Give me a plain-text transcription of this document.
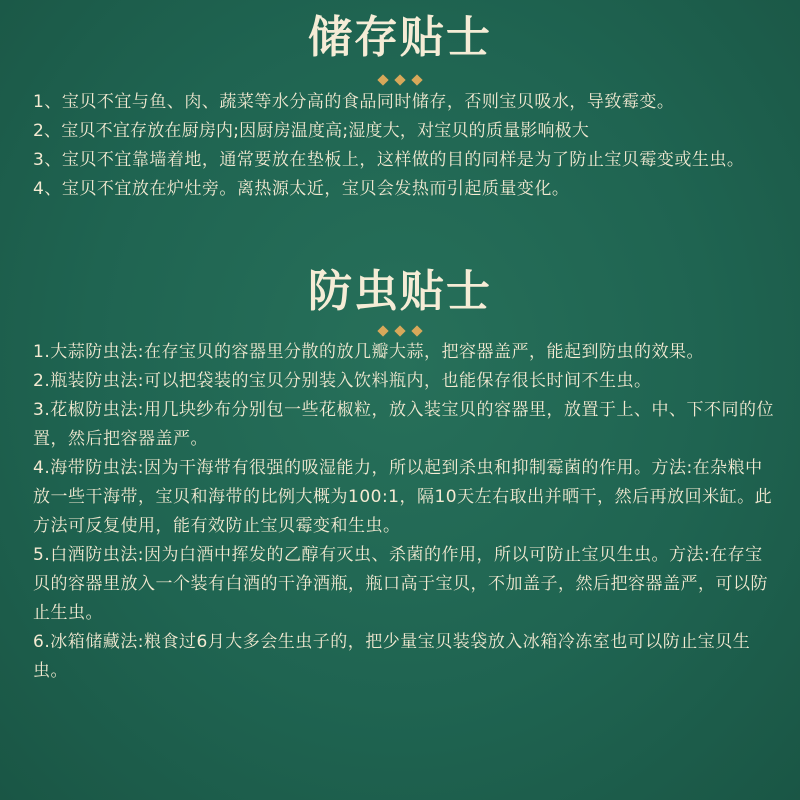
储存贴士

1、宝贝不宜与鱼、肉、蔬菜等水分高的食品同时储存，否则宝贝吸水，导致霉变。

2、宝贝不宜存放在厨房内;因厨房温度高;湿度大，对宝贝的质量影响极大

3、宝贝不宜靠墙着地，通常要放在垫板上，这样做的目的同样是为了防止宝贝霉变或生虫。

4、宝贝不宜放在炉灶旁。离热源太近，宝贝会发热而引起质量变化。

防虫贴士

1.大蒜防虫法:在存宝贝的容器里分散的放几瓣大蒜，把容器盖严，能起到防虫的效果。

2.瓶装防虫法:可以把袋装的宝贝分别装入饮料瓶内，也能保存很长时间不生虫。

3.花椒防虫法:用几块纱布分别包一些花椒粒，放入装宝贝的容器里，放置于上、中、下不同的位置，然后把容器盖严。

4.海带防虫法:因为干海带有很强的吸湿能力，所以起到杀虫和抑制霉菌的作用。方法:在杂粮中放一些干海带，宝贝和海带的比例大概为100:1，隔10天左右取出并晒干，然后再放回米缸。此方法可反复使用，能有效防止宝贝霉变和生虫。

5.白酒防虫法:因为白酒中挥发的乙醇有灭虫、杀菌的作用，所以可防止宝贝生虫。方法:在存宝贝的容器里放入一个装有白酒的干净酒瓶，瓶口高于宝贝，不加盖子，然后把容器盖严，可以防止生虫。

6.冰箱储藏法:粮食过6月大多会生虫子的，把少量宝贝装袋放入冰箱冷冻室也可以防止宝贝生虫。
